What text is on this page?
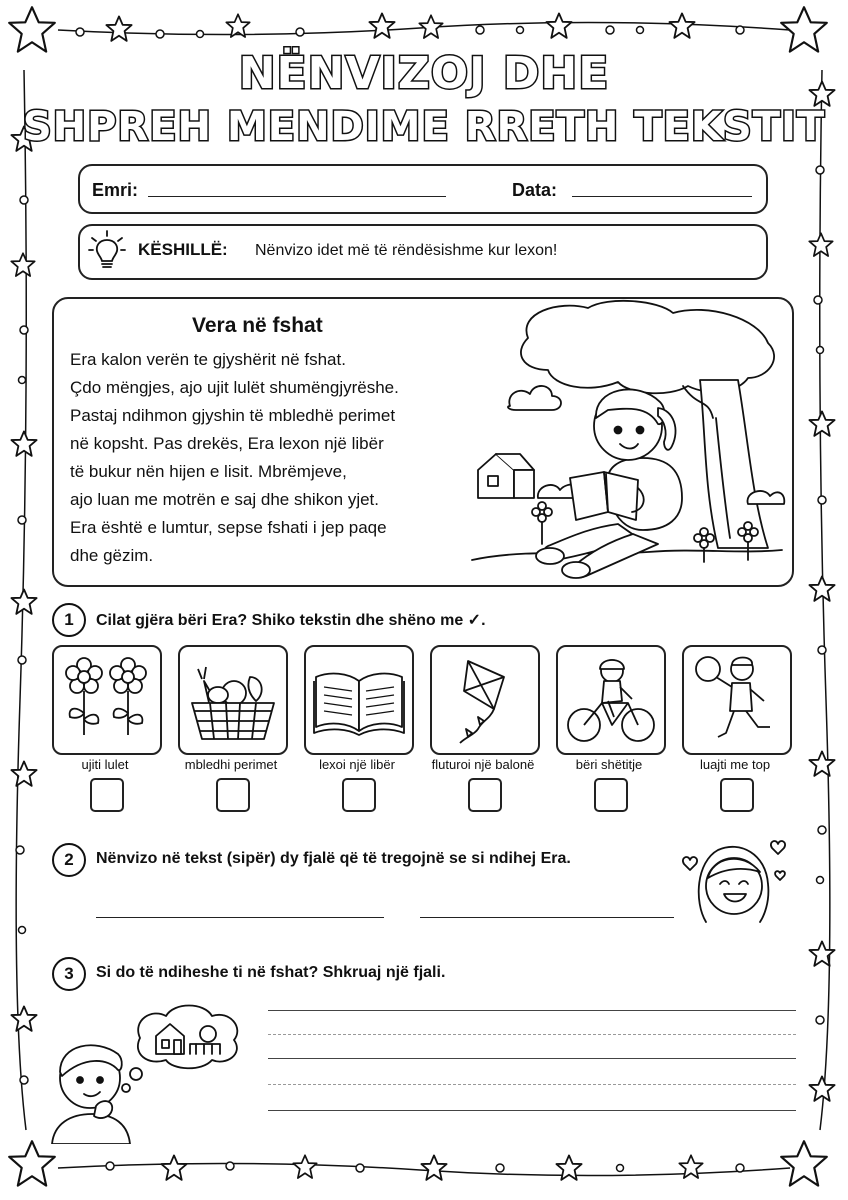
NËNVIZOJ DHE
SHPREH MENDIME RRETH TEKSTIT
Emri:	Data:
KËSHILLË: Nënvizo idet më të rëndësishme kur lexon!
Vera në fshat
Era kalon verën te gjyshërit në fshat.
Çdo mëngjes, ajo ujit lulët shumëngjyrëshe.
Pastaj ndihmon gjyshin të mbledhë perimet
në kopsht. Pas drekës, Era lexon një libër
të bukur nën hijen e lisit. Mbrëmjeve,
ajo luan me motrën e saj dhe shikon yjet.
Era është e lumtur, sepse fshati i jep paqe
dhe gëzim.
1	Cilat gjëra bëri Era? Shiko tekstin dhe shëno me ✓.
ujiti lulet	mbledhi perimet	lexoi një libër	fluturoi një balonë	bëri shëtitje	luajti me top
2	Nënvizo në tekst (sipër) dy fjalë që të tregojnë se si ndihej Era.
3	Si do të ndiheshe ti në fshat? Shkruaj një fjali.
